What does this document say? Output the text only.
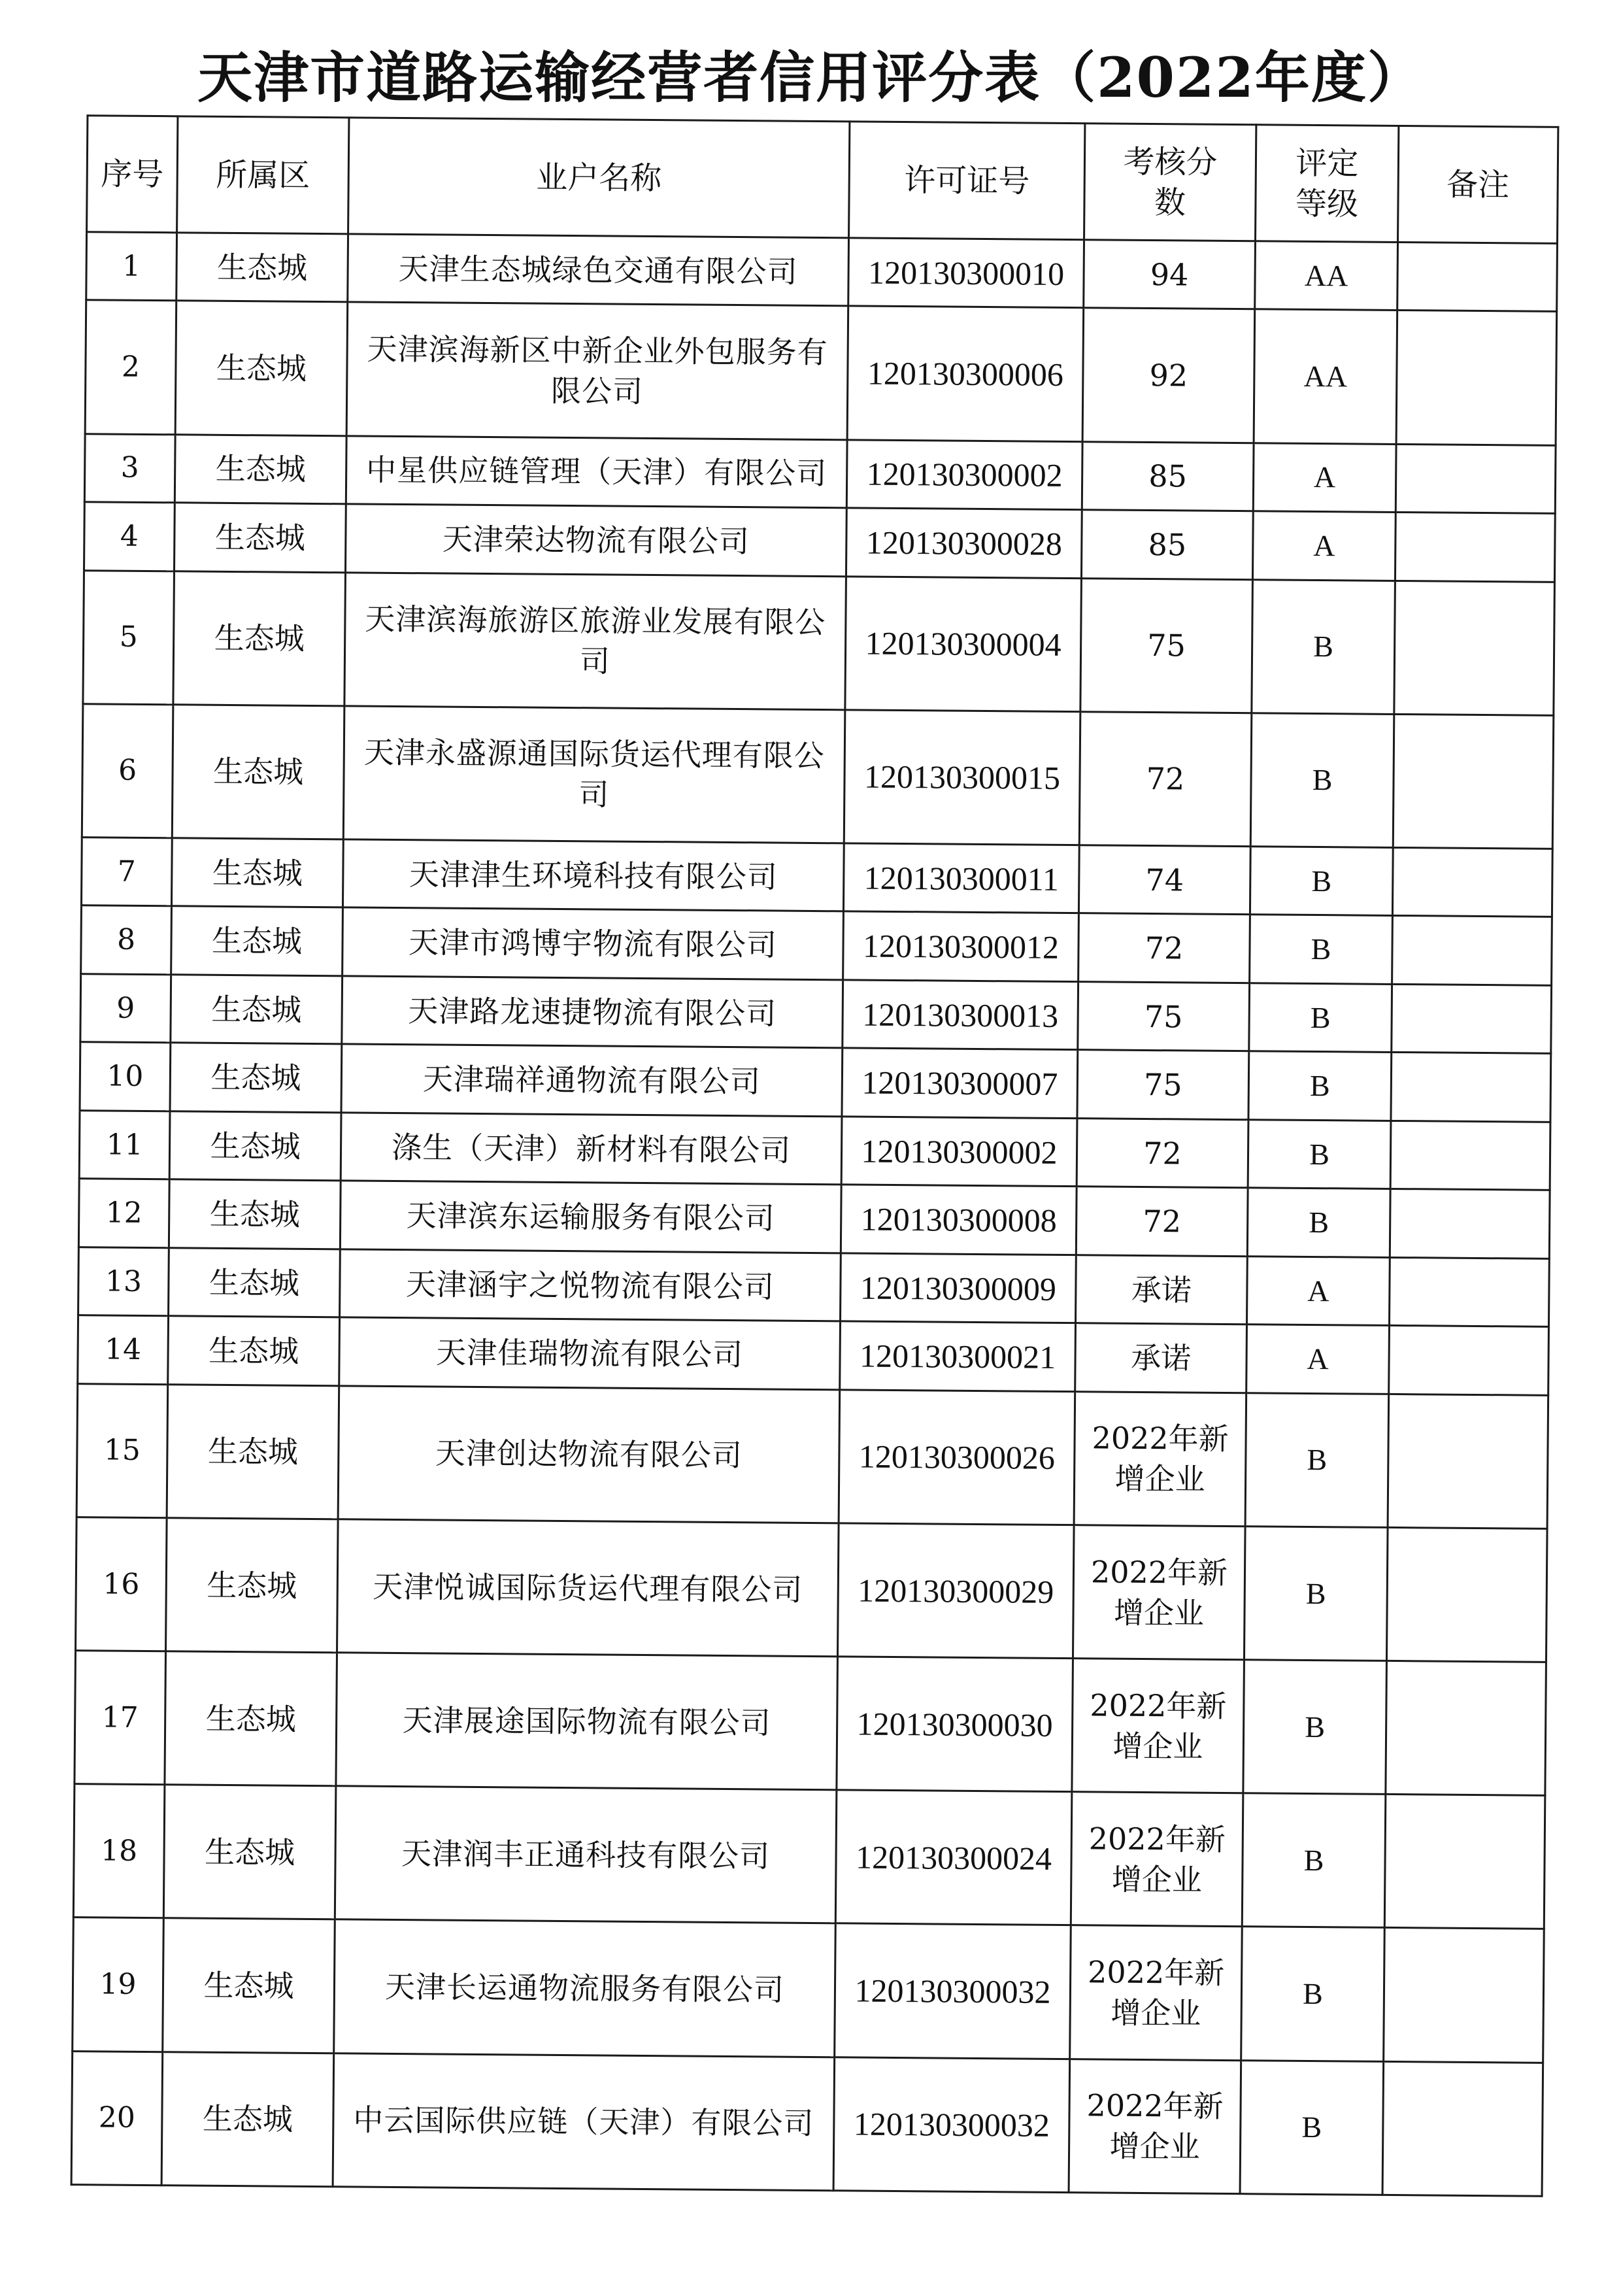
天津市道路运输经营者信用评分表（2022年度）
序号	所属区	业户名称	许可证号	考核分数	评定等级	备注
1	生态城	天津生态城绿色交通有限公司	120130300010	94	AA	
2	生态城	天津滨海新区中新企业外包服务有限公司	120130300006	92	AA	
3	生态城	中星供应链管理（天津）有限公司	120130300002	85	A	
4	生态城	天津荣达物流有限公司	120130300028	85	A	
5	生态城	天津滨海旅游区旅游业发展有限公司	120130300004	75	B	
6	生态城	天津永盛源通国际货运代理有限公司	120130300015	72	B	
7	生态城	天津津生环境科技有限公司	120130300011	74	B	
8	生态城	天津市鸿博宇物流有限公司	120130300012	72	B	
9	生态城	天津路龙速捷物流有限公司	120130300013	75	B	
10	生态城	天津瑞祥通物流有限公司	120130300007	75	B	
11	生态城	涤生（天津）新材料有限公司	120130300002	72	B	
12	生态城	天津滨东运输服务有限公司	120130300008	72	B	
13	生态城	天津涵宇之悦物流有限公司	120130300009	承诺	A	
14	生态城	天津佳瑞物流有限公司	120130300021	承诺	A	
15	生态城	天津创达物流有限公司	120130300026	2022年新增企业	B	
16	生态城	天津悦诚国际货运代理有限公司	120130300029	2022年新增企业	B	
17	生态城	天津展途国际物流有限公司	120130300030	2022年新增企业	B	
18	生态城	天津润丰正通科技有限公司	120130300024	2022年新增企业	B	
19	生态城	天津长运通物流服务有限公司	120130300032	2022年新增企业	B	
20	生态城	中云国际供应链（天津）有限公司	120130300032	2022年新增企业	B	
